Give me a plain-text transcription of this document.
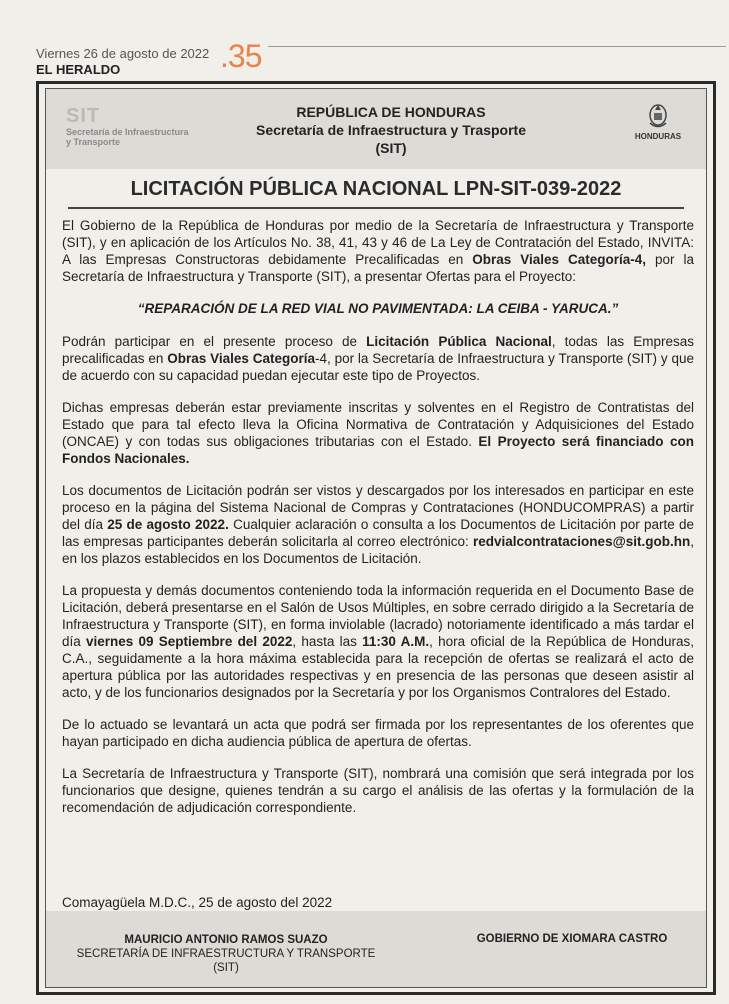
Viernes 26 de agosto de 2022
EL HERALDO	.35
SIT
Secretaría de Infraestructura
y Transporte
REPÚBLICA DE HONDURAS
Secretaría de Infraestructura y Trasporte
(SIT)
HONDURAS
LICITACIÓN PÚBLICA NACIONAL LPN-SIT-039-2022

El Gobierno de la República de Honduras por medio de la Secretaría de Infraestructura y Transporte (SIT), y en aplicación de los Artículos No. 38, 41, 43 y 46 de La Ley de Contratación del Estado, INVITA: A las Empresas Constructoras debidamente Precalificadas en Obras Viales Categoría-4, por la Secretaría de Infraestructura y Transporte (SIT), a presentar Ofertas para el Proyecto:

“REPARACIÓN DE LA RED VIAL NO PAVIMENTADA: LA CEIBA - YARUCA.”

Podrán participar en el presente proceso de Licitación Pública Nacional, todas las Empresas precalificadas en Obras Viales Categoría-4, por la Secretaría de Infraestructura y Transporte (SIT) y que de acuerdo con su capacidad puedan ejecutar este tipo de Proyectos.

Dichas empresas deberán estar previamente inscritas y solventes en el Registro de Contratistas del Estado que para tal efecto lleva la Oficina Normativa de Contratación y Adquisiciones del Estado (ONCAE) y con todas sus obligaciones tributarias con el Estado. El Proyecto será financiado con Fondos Nacionales.

Los documentos de Licitación podrán ser vistos y descargados por los interesados en participar en este proceso en la página del Sistema Nacional de Compras y Contrataciones (HONDUCOMPRAS) a partir del día 25 de agosto 2022. Cualquier aclaración o consulta a los Documentos de Licitación por parte de las empresas participantes deberán solicitarla al correo electrónico: redvialcontrataciones@sit.gob.hn, en los plazos establecidos en los Documentos de Licitación.

La propuesta y demás documentos conteniendo toda la información requerida en el Documento Base de Licitación, deberá presentarse en el Salón de Usos Múltiples, en sobre cerrado dirigido a la Secretaría de Infraestructura y Transporte (SIT), en forma inviolable (lacrado) notoriamente identificado a más tardar el día viernes 09 Septiembre del 2022, hasta las 11:30 A.M., hora oficial de la República de Honduras, C.A., seguidamente a la hora máxima establecida para la recepción de ofertas se realizará el acto de apertura pública por las autoridades respectivas y en presencia de las personas que deseen asistir al acto, y de los funcionarios designados por la Secretaría y por los Organismos Contralores del Estado.

De lo actuado se levantará un acta que podrá ser firmada por los representantes de los oferentes que hayan participado en dicha audiencia pública de apertura de ofertas.

La Secretaría de Infraestructura y Transporte (SIT), nombrará una comisión que será integrada por los funcionarios que designe, quienes tendrán a su cargo el análisis de las ofertas y la formulación de la recomendación de adjudicación correspondiente.

Comayagüela M.D.C., 25 de agosto del 2022
MAURICIO ANTONIO RAMOS SUAZO
SECRETARÍA DE INFRAESTRUCTURA Y TRANSPORTE
(SIT)
GOBIERNO DE XIOMARA CASTRO
